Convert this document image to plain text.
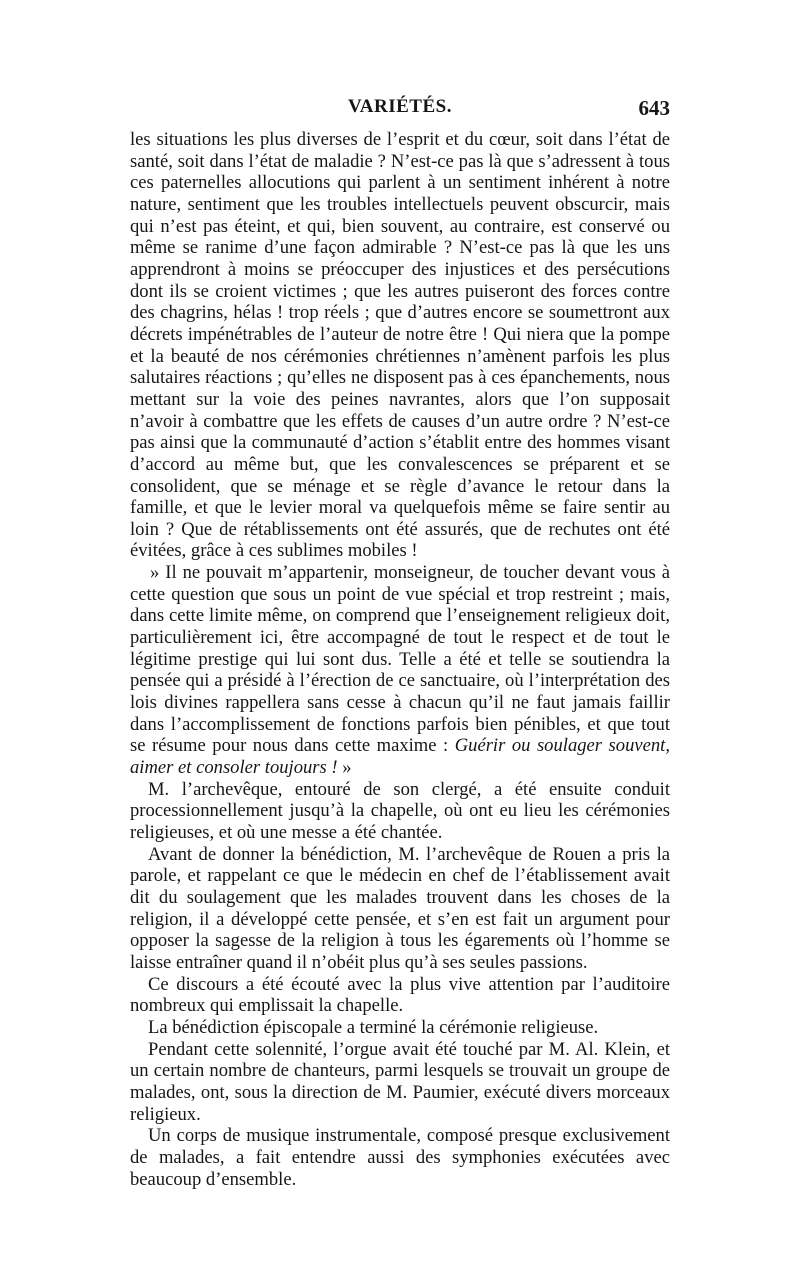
VARIÉTÉS.	643

les situations les plus diverses de l’esprit et du cœur, soit dans l’état de santé, soit dans l’état de maladie ? N’est-ce pas là que s’adressent à tous ces paternelles allocutions qui parlent à un sentiment inhérent à notre nature, sentiment que les troubles intellectuels peuvent obscurcir, mais qui n’est pas éteint, et qui, bien souvent, au contraire, est conservé ou même se ranime d’une façon admirable ? N’est-ce pas là que les uns apprendront à moins se préoccuper des injustices et des persécutions dont ils se croient victimes ; que les autres puiseront des forces contre des chagrins, hélas ! trop réels ; que d’autres encore se soumettront aux décrets impénétrables de l’auteur de notre être ! Qui niera que la pompe et la beauté de nos cérémonies chrétiennes n’amènent parfois les plus salutaires réactions ; qu’elles ne disposent pas à ces épanchements, nous mettant sur la voie des peines navrantes, alors que l’on supposait n’avoir à combattre que les effets de causes d’un autre ordre ? N’est-ce pas ainsi que la communauté d’action s’établit entre des hommes visant d’accord au même but, que les convalescences se préparent et se consolident, que se ménage et se règle d’avance le retour dans la famille, et que le levier moral va quelquefois même se faire sentir au loin ? Que de rétablissements ont été assurés, que de rechutes ont été évitées, grâce à ces sublimes mobiles !

» Il ne pouvait m’appartenir, monseigneur, de toucher devant vous à cette question que sous un point de vue spécial et trop restreint ; mais, dans cette limite même, on comprend que l’enseignement religieux doit, particulièrement ici, être accompagné de tout le respect et de tout le légitime prestige qui lui sont dus. Telle a été et telle se soutiendra la pensée qui a présidé à l’érection de ce sanctuaire, où l’interprétation des lois divines rappellera sans cesse à chacun qu’il ne faut jamais faillir dans l’accomplissement de fonctions parfois bien pénibles, et que tout se résume pour nous dans cette maxime : Guérir ou soulager souvent, aimer et consoler toujours ! »

M. l’archevêque, entouré de son clergé, a été ensuite conduit processionnellement jusqu’à la chapelle, où ont eu lieu les cérémonies religieuses, et où une messe a été chantée.

Avant de donner la bénédiction, M. l’archevêque de Rouen a pris la parole, et rappelant ce que le médecin en chef de l’établissement avait dit du soulagement que les malades trouvent dans les choses de la religion, il a développé cette pensée, et s’en est fait un argument pour opposer la sagesse de la religion à tous les égarements où l’homme se laisse entraîner quand il n’obéit plus qu’à ses seules passions.

Ce discours a été écouté avec la plus vive attention par l’auditoire nombreux qui emplissait la chapelle.

La bénédiction épiscopale a terminé la cérémonie religieuse.

Pendant cette solennité, l’orgue avait été touché par M. Al. Klein, et un certain nombre de chanteurs, parmi lesquels se trouvait un groupe de malades, ont, sous la direction de M. Paumier, exécuté divers morceaux religieux.

Un corps de musique instrumentale, composé presque exclusivement de malades, a fait entendre aussi des symphonies exécutées avec beaucoup d’ensemble.
